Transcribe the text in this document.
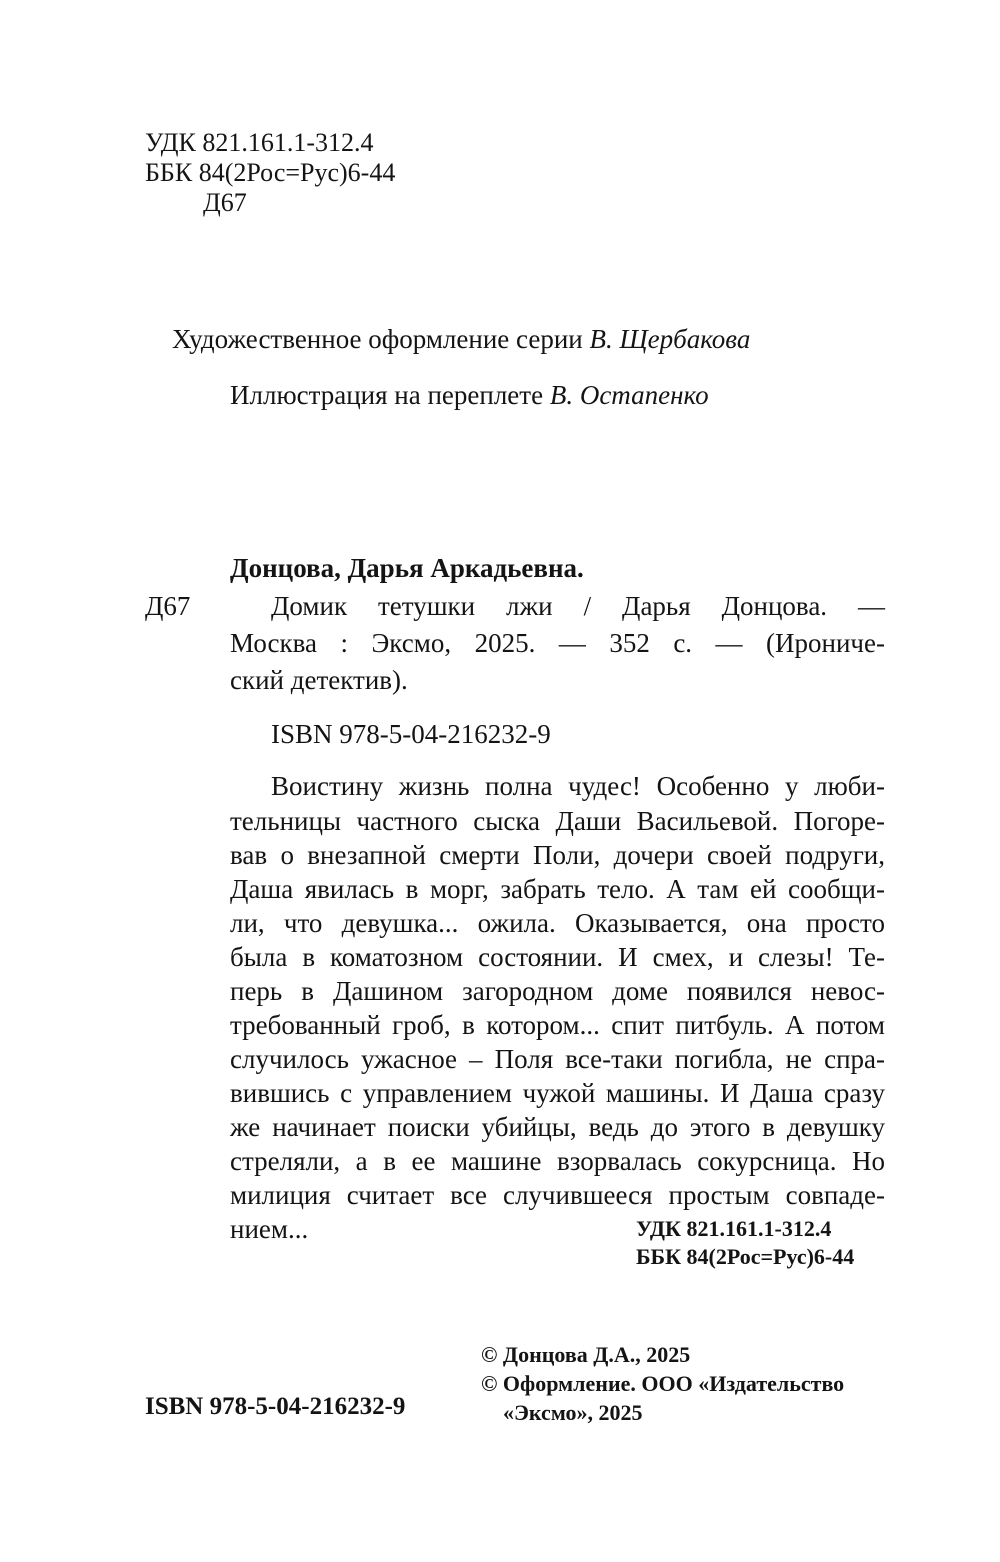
УДК 821.161.1-312.4
ББК 84(2Рос=Рус)6-44
Д67
Художественное оформление серии В. Щербакова
Иллюстрация на переплете В. Остапенко
Донцова, Дарья Аркадьевна.
Д67	Домик тетушки лжи / Дарья Донцова. —
Москва : Эксмо, 2025. — 352 с. — (Ирониче-
ский детектив).
ISBN 978-5-04-216232-9
Воистину жизнь полна чудес! Особенно у люби-
тельницы частного сыска Даши Васильевой. Погоре-
вав о внезапной смерти Поли, дочери своей подруги,
Даша явилась в морг, забрать тело. А там ей сообщи-
ли, что девушка... ожила. Оказывается, она просто
была в коматозном состоянии. И смех, и слезы! Те-
перь в Дашином загородном доме появился невос-
требованный гроб, в котором... спит питбуль. А потом
случилось ужасное – Поля все-таки погибла, не спра-
вившись с управлением чужой машины. И Даша сразу
же начинает поиски убийцы, ведь до этого в девушку
стреляли, а в ее машине взорвалась сокурсница. Но
милиция считает все случившееся простым совпаде-
нием...	УДК 821.161.1-312.4
ББК 84(2Рос=Рус)6-44
© Донцова Д.А., 2025
© Оформление. ООО «Издательство
«Эксмо», 2025
ISBN 978-5-04-216232-9
